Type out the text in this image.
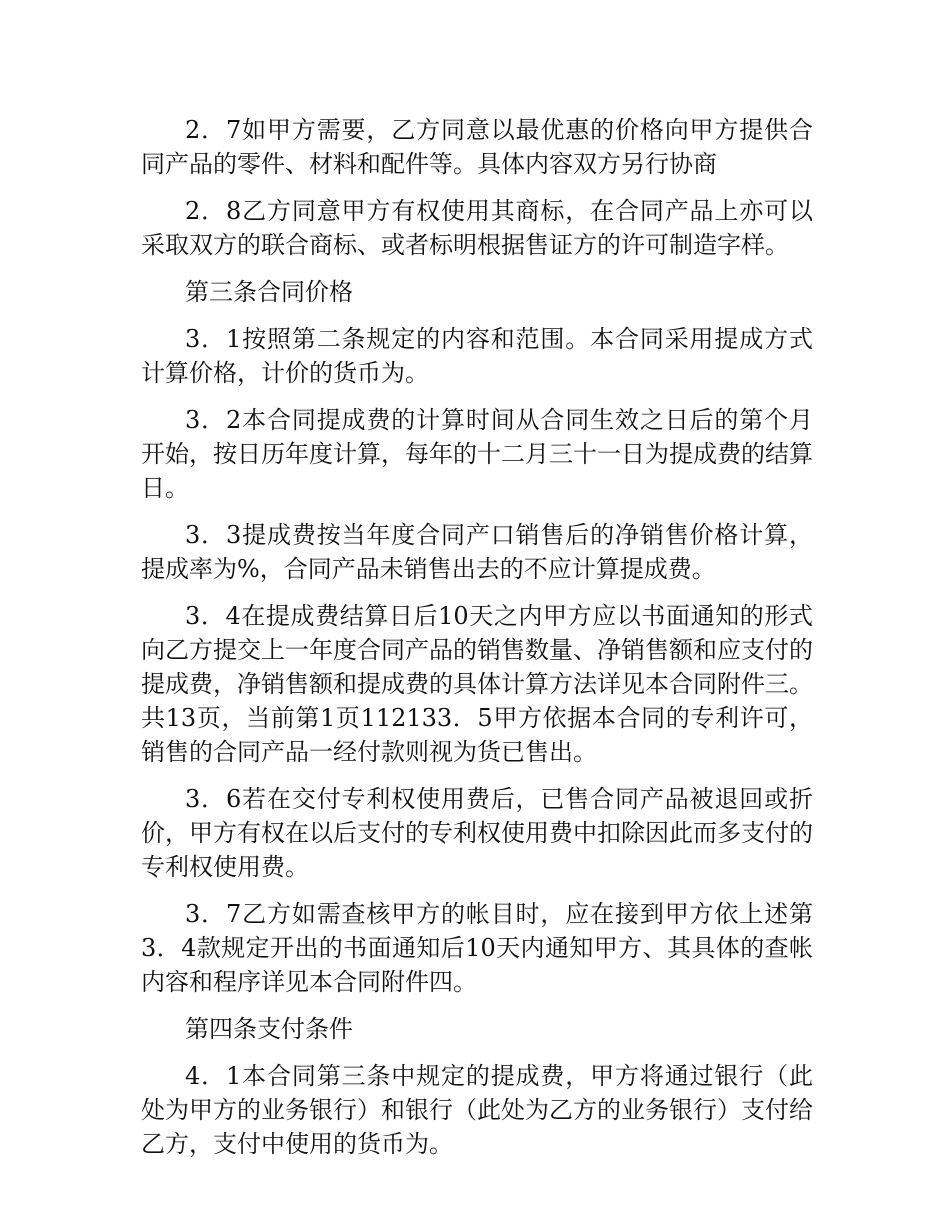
2．7如甲方需要，乙方同意以最优惠的价格向甲方提供合同产品的零件、材料和配件等。具体内容双方另行协商

2．8乙方同意甲方有权使用其商标，在合同产品上亦可以采取双方的联合商标、或者标明根据售证方的许可制造字样。

第三条合同价格

3．1按照第二条规定的内容和范围。本合同采用提成方式计算价格，计价的货币为。

3．2本合同提成费的计算时间从合同生效之日后的第个月开始，按日历年度计算，每年的十二月三十一日为提成费的结算日。

3．3提成费按当年度合同产口销售后的净销售价格计算，提成率为%，合同产品未销售出去的不应计算提成费。

3．4在提成费结算日后10天之内甲方应以书面通知的形式向乙方提交上一年度合同产品的销售数量、净销售额和应支付的提成费，净销售额和提成费的具体计算方法详见本合同附件三。共13页，当前第1页112133．5甲方依据本合同的专利许可，销售的合同产品一经付款则视为货已售出。

3．6若在交付专利权使用费后，已售合同产品被退回或折价，甲方有权在以后支付的专利权使用费中扣除因此而多支付的专利权使用费。

3．7乙方如需查核甲方的帐目时，应在接到甲方依上述第3．4款规定开出的书面通知后10天内通知甲方、其具体的查帐内容和程序详见本合同附件四。

第四条支付条件

4．1本合同第三条中规定的提成费，甲方将通过银行（此处为甲方的业务银行）和银行（此处为乙方的业务银行）支付给乙方，支付中使用的货币为。
